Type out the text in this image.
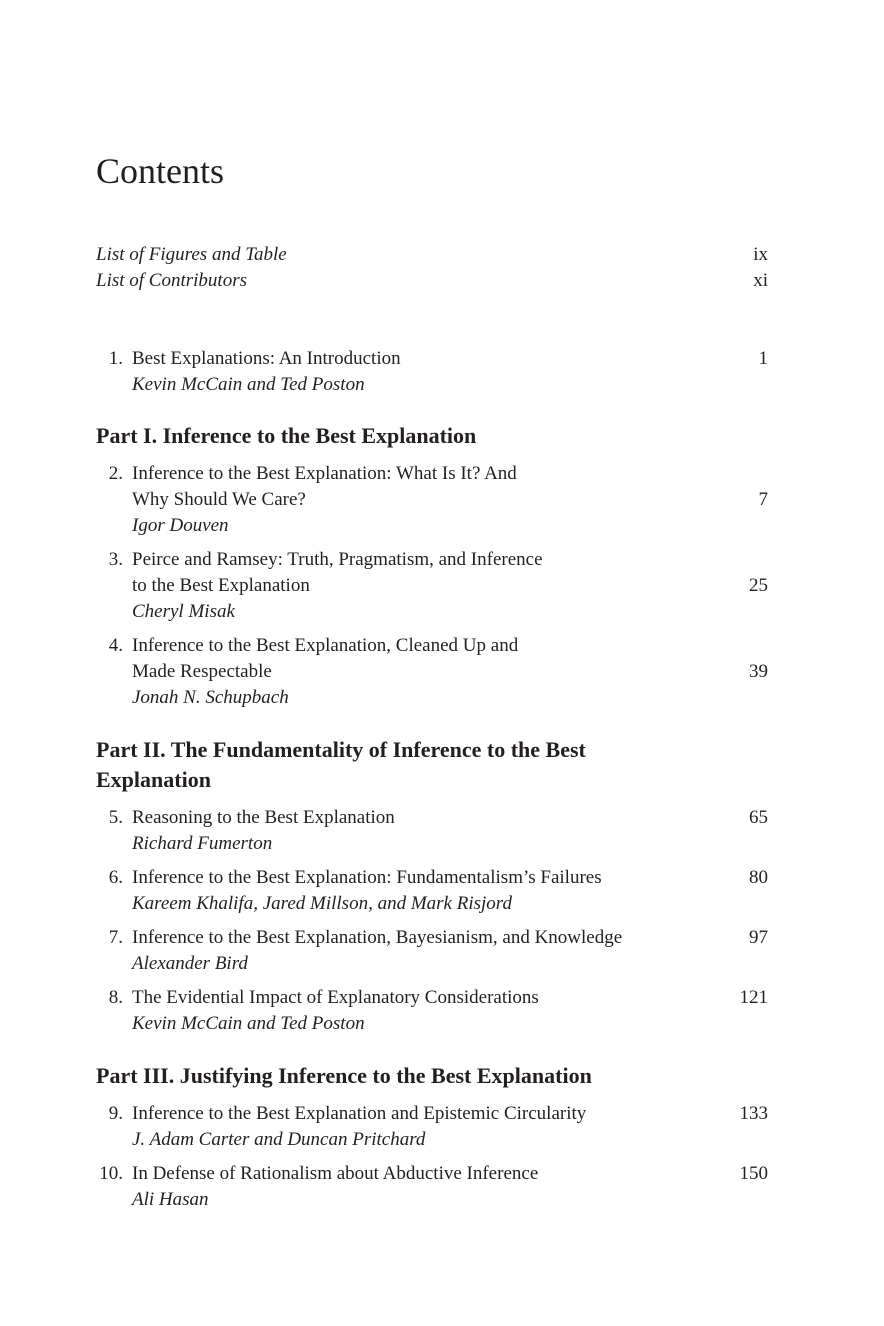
Contents
List of Figures and Table	ix
List of Contributors	xi
1. Best Explanations: An Introduction
Kevin McCain and Ted Poston
1
Part I. Inference to the Best Explanation
2. Inference to the Best Explanation: What Is It? And
Why Should We Care?
Igor Douven
7
3. Peirce and Ramsey: Truth, Pragmatism, and Inference
to the Best Explanation
Cheryl Misak
25
4. Inference to the Best Explanation, Cleaned Up and
Made Respectable
Jonah N. Schupbach
39
Part II. The Fundamentality of Inference to the Best Explanation
5. Reasoning to the Best Explanation
Richard Fumerton
65
6. Inference to the Best Explanation: Fundamentalism’s Failures
Kareem Khalifa, Jared Millson, and Mark Risjord
80
7. Inference to the Best Explanation, Bayesianism, and Knowledge
Alexander Bird
97
8. The Evidential Impact of Explanatory Considerations
Kevin McCain and Ted Poston
121
Part III. Justifying Inference to the Best Explanation
9. Inference to the Best Explanation and Epistemic Circularity
J. Adam Carter and Duncan Pritchard
133
10. In Defense of Rationalism about Abductive Inference
Ali Hasan
150
